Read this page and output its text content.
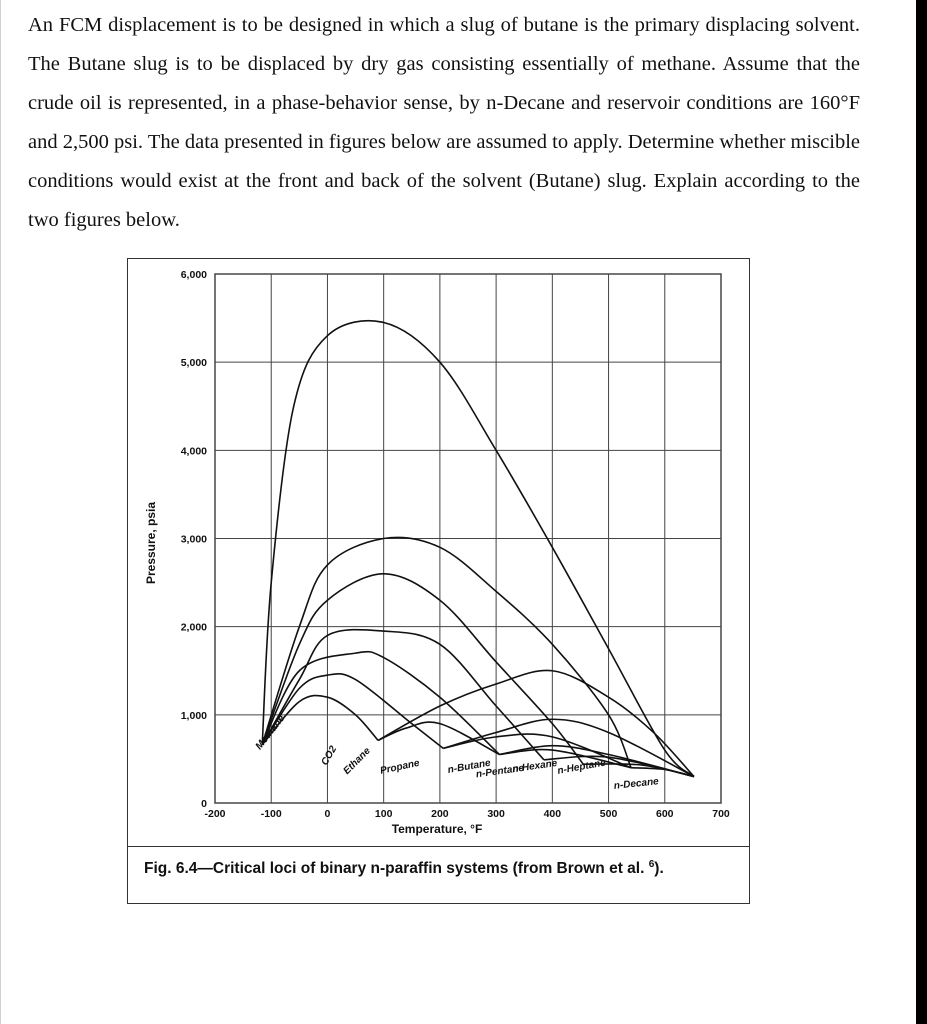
An FCM displacement is to be designed in which a slug of butane is the primary displacing solvent. The Butane slug is to be displaced by dry gas consisting essentially of methane. Assume that the crude oil is represented, in a phase-behavior sense, by n-Decane and reservoir conditions are 160°F and 2,500 psi. The data presented in figures below are assumed to apply. Determine whether miscible conditions would exist at the front and back of the solvent (Butane) slug. Explain according to the two figures below.
-200	-100	0	100	200	300	400	500	600	700
0
1,000
2,000
3,000
4,000
5,000
6,000
Methane
CO2 Ethane Propane	n-Butane
n-Pentane
n-Hexane
n-Heptane
n-Decane
Temperature, °F
Pressure, psia
Fig. 6.4—Critical loci of binary n-paraffin systems (from Brown et al. $^6$).
